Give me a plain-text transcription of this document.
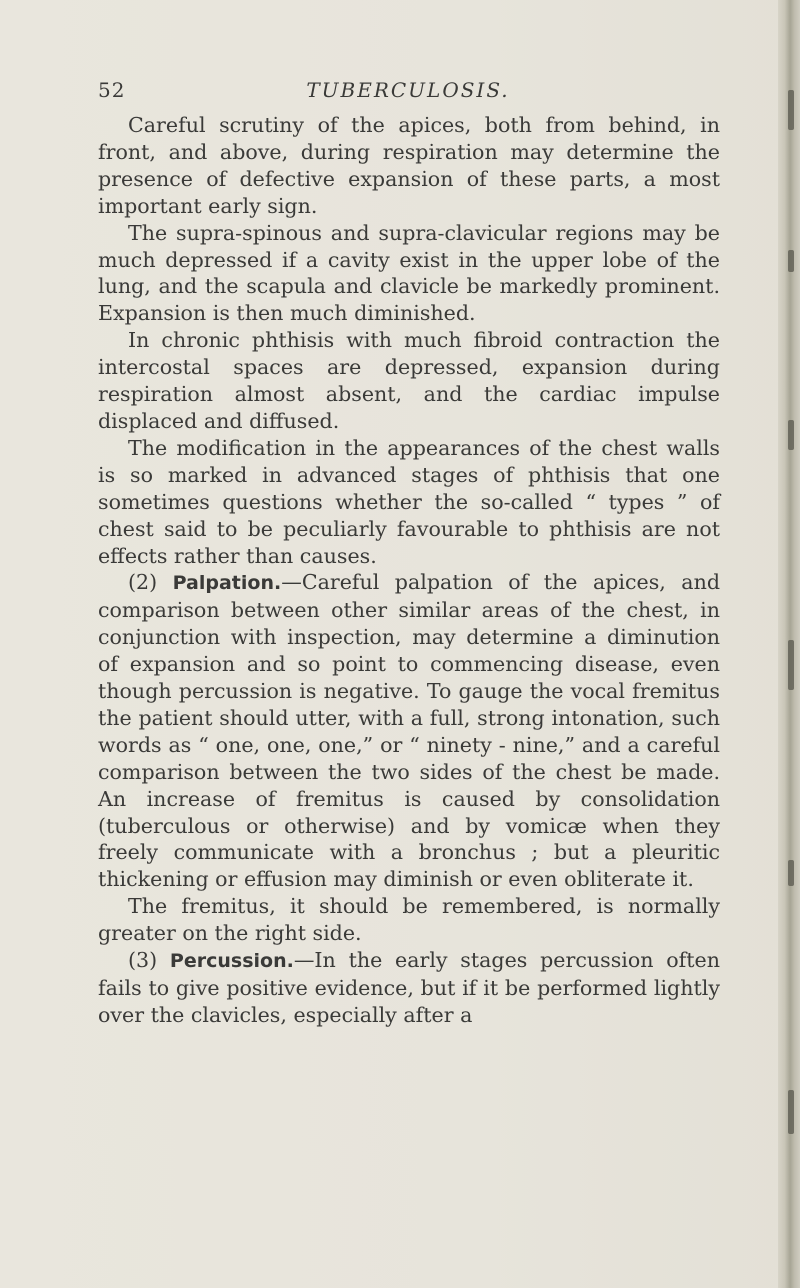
52	TUBERCULOSIS.

Careful scrutiny of the apices, both from behind, in front, and above, during respiration may determine the presence of defective expansion of these parts, a most important early sign.

The supra-spinous and supra-clavicular regions may be much depressed if a cavity exist in the upper lobe of the lung, and the scapula and clavicle be markedly prominent. Expansion is then much diminished.

In chronic phthisis with much fibroid contraction the intercostal spaces are depressed, expansion during respiration almost absent, and the cardiac impulse displaced and diffused.

The modification in the appearances of the chest walls is so marked in advanced stages of phthisis that one sometimes questions whether the so-called “ types ” of chest said to be peculiarly favourable to phthisis are not effects rather than causes.

(2) Palpation.—Careful palpation of the apices, and comparison between other similar areas of the chest, in conjunction with inspection, may determine a diminution of expansion and so point to commencing disease, even though percussion is negative. To gauge the vocal fremitus the patient should utter, with a full, strong intonation, such words as “ one, one, one,” or “ ninety - nine,” and a careful comparison between the two sides of the chest be made. An increase of fremitus is caused by consolidation (tuberculous or otherwise) and by vomicæ when they freely communicate with a bronchus ; but a pleuritic thickening or effusion may diminish or even obliterate it.

The fremitus, it should be remembered, is normally greater on the right side.

(3) Percussion.—In the early stages percussion often fails to give positive evidence, but if it be performed lightly over the clavicles, especially after a
